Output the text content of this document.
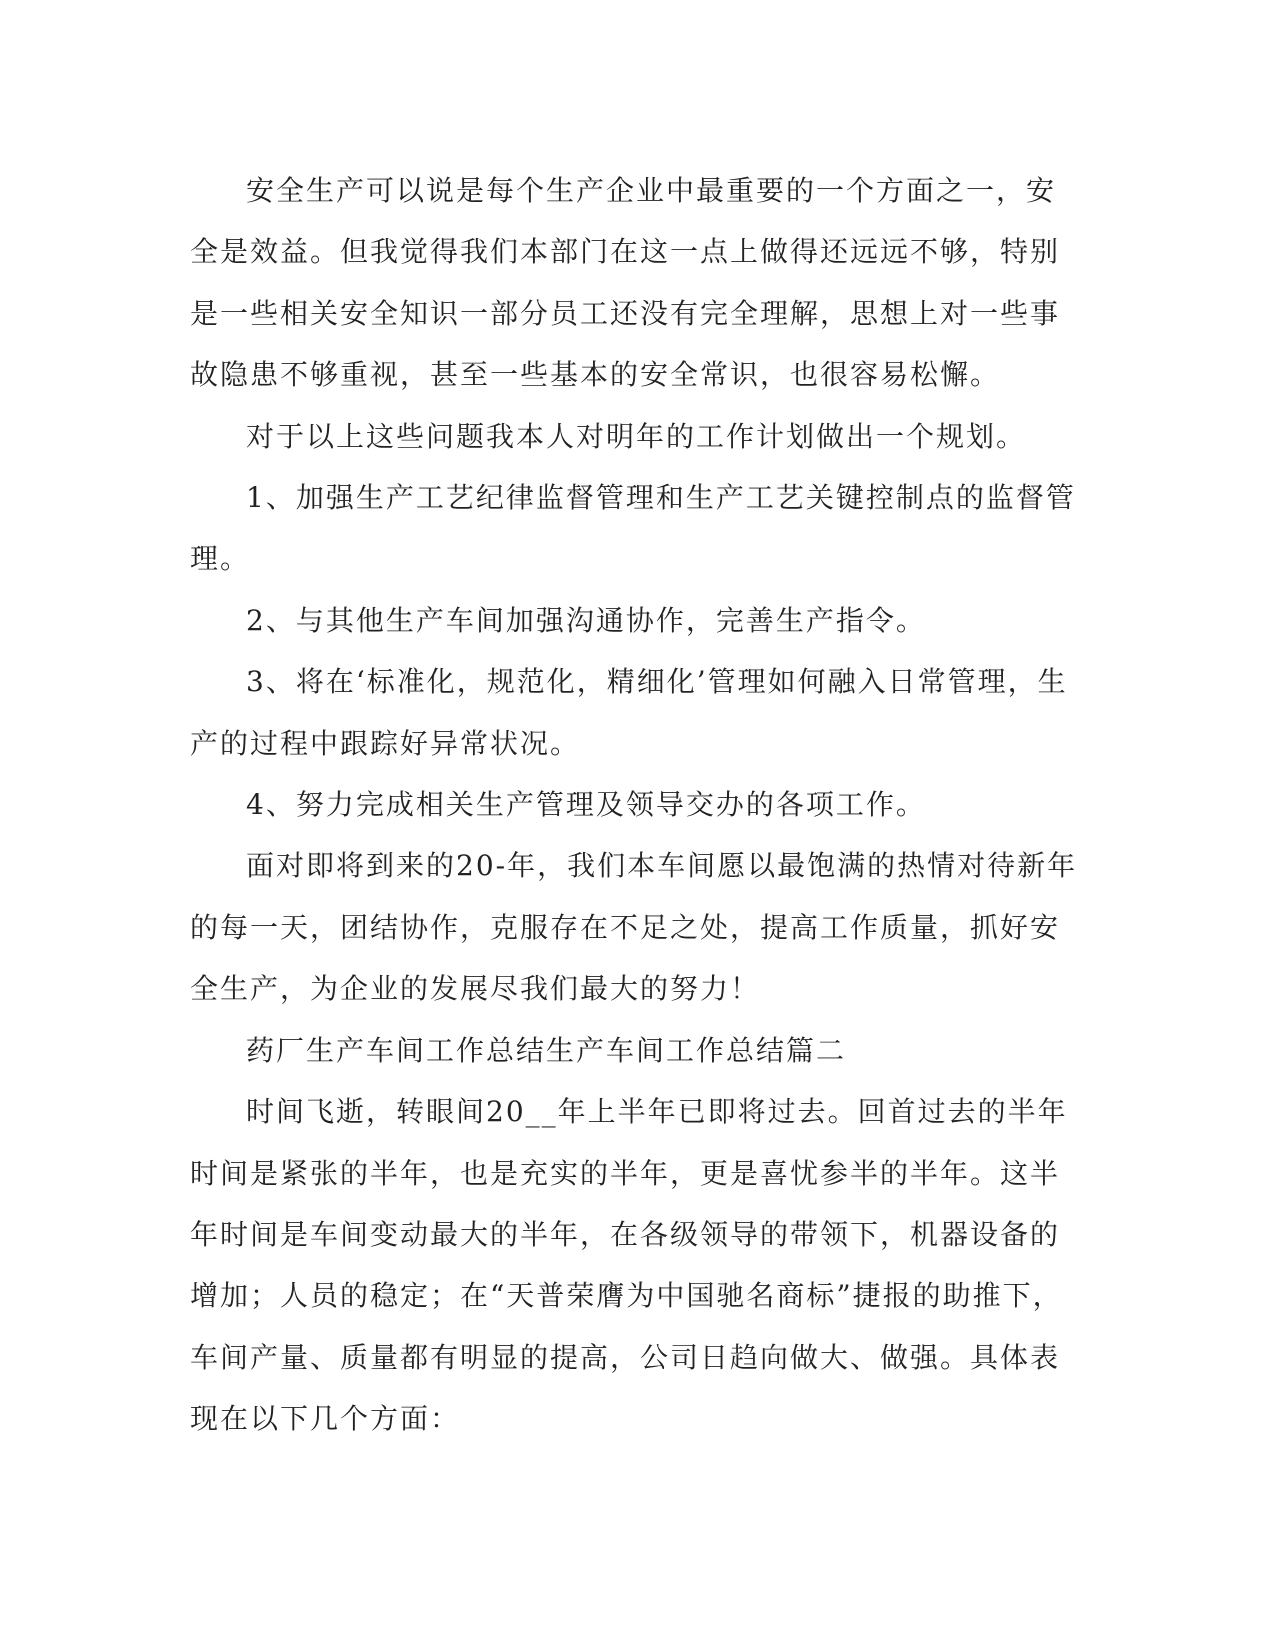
安全生产可以说是每个生产企业中最重要的一个方面之一，安全是效益。但我觉得我们本部门在这一点上做得还远远不够，特别是一些相关安全知识一部分员工还没有完全理解，思想上对一些事故隐患不够重视，甚至一些基本的安全常识，也很容易松懈。

对于以上这些问题我本人对明年的工作计划做出一个规划。

1、加强生产工艺纪律监督管理和生产工艺关键控制点的监督管理。

2、与其他生产车间加强沟通协作，完善生产指令。

3、将在‘标准化，规范化，精细化’管理如何融入日常管理，生产的过程中跟踪好异常状况。

4、努力完成相关生产管理及领导交办的各项工作。

面对即将到来的20-年，我们本车间愿以最饱满的热情对待新年的每一天，团结协作，克服存在不足之处，提高工作质量，抓好安全生产，为企业的发展尽我们最大的努力！

药厂生产车间工作总结生产车间工作总结篇二

时间飞逝，转眼间20__年上半年已即将过去。回首过去的半年时间是紧张的半年，也是充实的半年，更是喜忧参半的半年。这半年时间是车间变动最大的半年，在各级领导的带领下，机器设备的增加；人员的稳定；在“天普荣膺为中国驰名商标”捷报的助推下，车间产量、质量都有明显的提高，公司日趋向做大、做强。具体表现在以下几个方面：
